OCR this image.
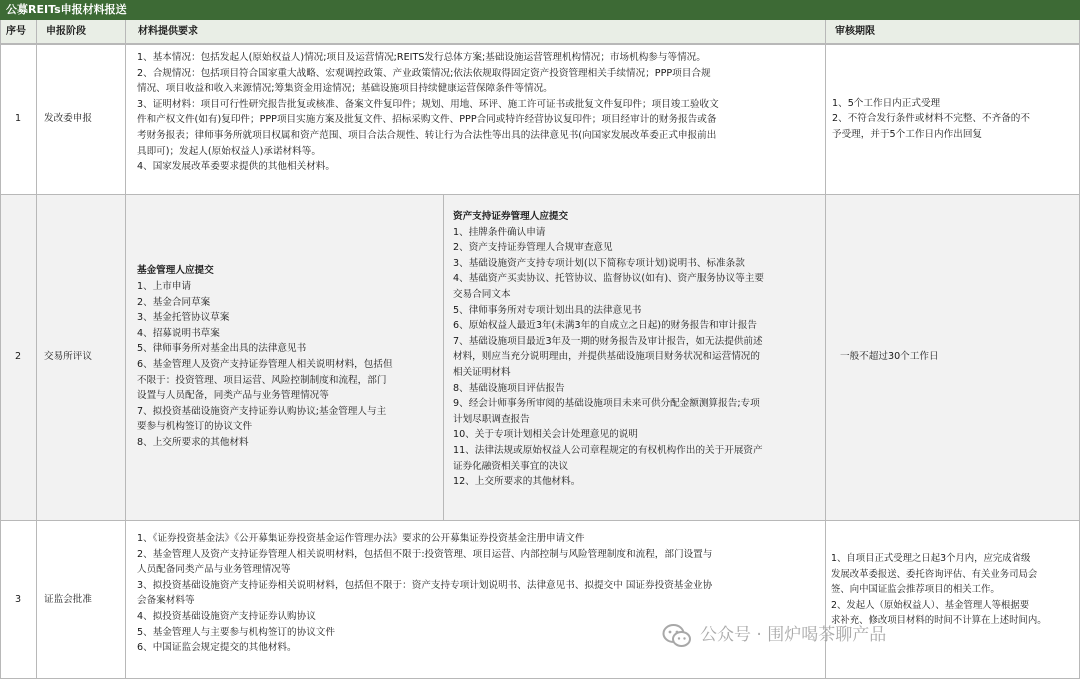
公募REITs申报材料报送
序号 申报阶段	材料提供要求	审核期限
1 发改委申报

1、基本情况：包括发起人(原始权益人)情况;项目及运营情况;REITS发行总体方案;基础设施运营管理机构情况；市场机构参与等情况。

2、合规情况：包括项目符合国家重大战略、宏观调控政策、产业政策情况;依法依规取得固定资产投资管理相关手续情况；PPP项目合规

情况、项目收益和收入来源情况;筹集资金用途情况；基础设施项目持续健康运营保障条件等情况。

3、证明材料：项目可行性研究报告批复或核准、备案文件复印件；规划、用地、环评、施工许可证书或批复文件复印件；项目竣工验收文

件和产权文件(如有)复印件；PPP项目实施方案及批复文件、招标采购文件、PPP合同或特许经营协议复印件；项目经审计的财务报告或备

考财务报表；律师事务所就项目权属和资产范围、项目合法合规性、转让行为合法性等出具的法律意见书(向国家发展改革委正式申报前出

具即可)；发起人(原始权益人)承诺材料等。

4、国家发展改革委要求提供的其他相关材料。

1、5个工作日内正式受理

2、不符合发行条件或材料不完整、不齐备的不

予受理，并于5个工作日内作出回复

2 交易所评议

基金管理人应提交

1、上市申请

2、基金合同草案

3、基金托管协议草案

4、招募说明书草案

5、律师事务所对基金出具的法律意见书

6、基金管理人及资产支持证券管理人相关说明材料，包括但

不限于：投资管理、项目运营、风险控制制度和流程，部门

设置与人员配备，同类产品与业务管理情况等

7、拟投资基础设施资产支持证券认购协议;基金管理人与主

要参与机构签订的协议文件

8、上交所要求的其他材料

资产支持证券管理人应提交

1、挂牌条件确认申请

2、资产支持证券管理人合规审查意见

3、基础设施资产支持专项计划(以下简称专项计划)说明书、标准条款

4、基础资产买卖协议、托管协议、监督协议(如有)、资产服务协议等主要

交易合同文本

5、律师事务所对专项计划出具的法律意见书

6、原始权益人最近3年(未满3年的自成立之日起)的财务报告和审计报告

7、基础设施项目最近3年及一期的财务报告及审计报告，如无法提供前述

材料，则应当充分说明理由，并提供基础设施项目财务状况和运营情况的

相关证明材料

8、基础设施项目评估报告

9、经会计师事务所审阅的基础设施项目未来可供分配金额测算报告;专项

计划尽职调查报告

10、关于专项计划相关会计处理意见的说明

11、法律法规或原始权益人公司章程规定的有权机构作出的关于开展资产

证券化融资相关事宜的决议

12、上交所要求的其他材料。

一般不超过30个工作日

3 证监会批准

1、《证券投资基金法》《公开募集证券投资基金运作管理办法》要求的公开募集证券投资基金注册申请文件

2、基金管理人及资产支持证券管理人相关说明材料，包括但不限于:投资管理、项目运营、内部控制与风险管理制度和流程，部门设置与

人员配备同类产品与业务管理情况等

3、拟投资基础设施资产支持证券相关说明材料，包括但不限于：资产支持专项计划说明书、法律意见书、拟提交中 国证券投资基金业协

会备案材料等

4、拟投资基础设施资产支持证券认购协议

5、基金管理人与主要参与机构签订的协议文件

6、中国证监会规定提交的其他材料。

1、自项目正式受理之日起3个月内，应完成省级

发展改革委报送、委托咨询评估、有关业务司局会

签、向中国证监会推荐项目的相关工作。

2、发起人（原始权益人）、基金管理人等根据要

求补充、修改项目材料的时间不计算在上述时间内。

公众号 · 围炉喝茶聊产品
